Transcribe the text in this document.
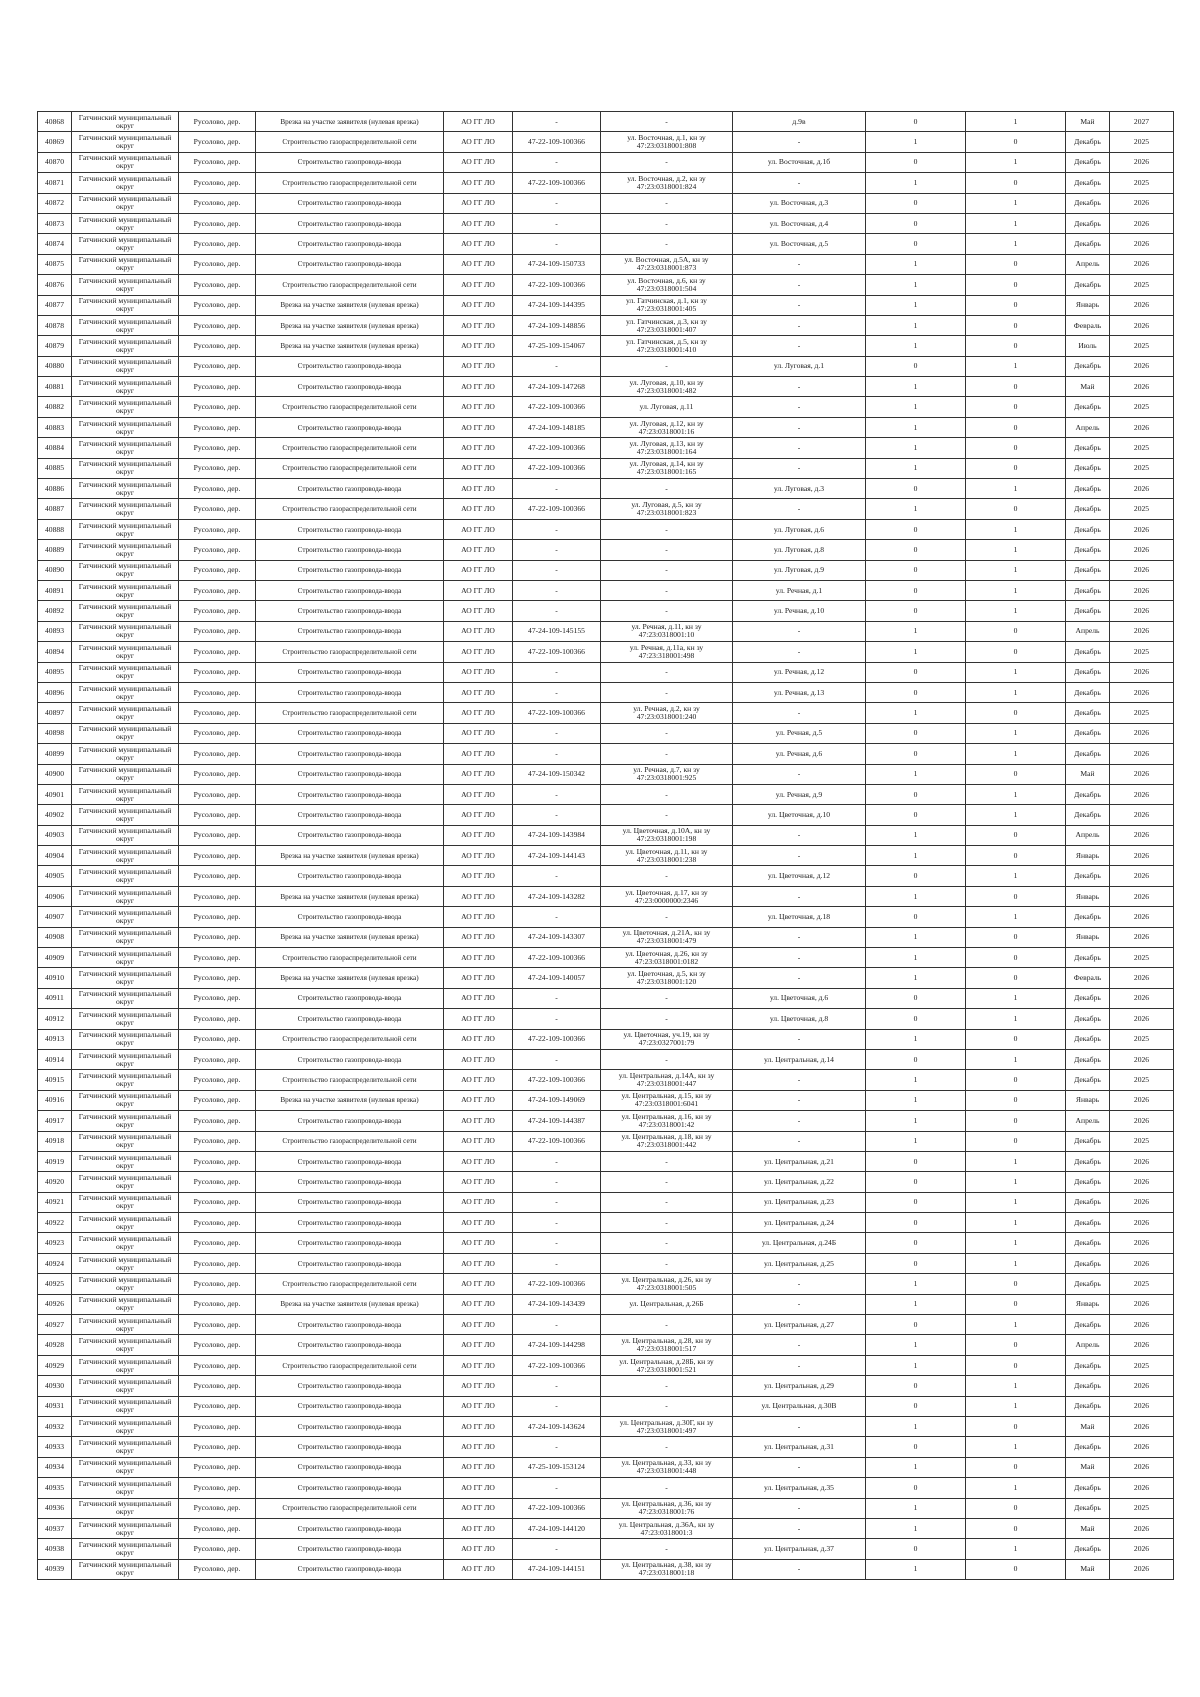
40868	Гатчинский муниципальный округ	Русолово, дер.	Врезка на участке заявителя (нулевая врезка)	АО ГГ ЛО	-	-	д.9в	0	1	Май	2027
40869	Гатчинский муниципальный округ	Русолово, дер.	Строительство газораспределительной сети	АО ГГ ЛО	47-22-109-100366	ул. Восточная, д.1, кн зу 47:23:0318001:808	-	1	0	Декабрь	2025
40870	Гатчинский муниципальный округ	Русолово, дер.	Строительство газопровода-ввода	АО ГГ ЛО	-	-	ул. Восточная, д.1б	0	1	Декабрь	2026
40871	Гатчинский муниципальный округ	Русолово, дер.	Строительство газораспределительной сети	АО ГГ ЛО	47-22-109-100366	ул. Восточная, д.2, кн зу 47:23:0318001:824	-	1	0	Декабрь	2025
40872	Гатчинский муниципальный округ	Русолово, дер.	Строительство газопровода-ввода	АО ГГ ЛО	-	-	ул. Восточная, д.3	0	1	Декабрь	2026
40873	Гатчинский муниципальный округ	Русолово, дер.	Строительство газопровода-ввода	АО ГГ ЛО	-	-	ул. Восточная, д.4	0	1	Декабрь	2026
40874	Гатчинский муниципальный округ	Русолово, дер.	Строительство газопровода-ввода	АО ГГ ЛО	-	-	ул. Восточная, д.5	0	1	Декабрь	2026
40875	Гатчинский муниципальный округ	Русолово, дер.	Строительство газопровода-ввода	АО ГГ ЛО	47-24-109-150733	ул. Восточная, д.5А, кн зу 47:23:0318001:873	-	1	0	Апрель	2026
40876	Гатчинский муниципальный округ	Русолово, дер.	Строительство газораспределительной сети	АО ГГ ЛО	47-22-109-100366	ул. Восточная, д.6, кн зу 47:23:0318001:504	-	1	0	Декабрь	2025
40877	Гатчинский муниципальный округ	Русолово, дер.	Врезка на участке заявителя (нулевая врезка)	АО ГГ ЛО	47-24-109-144395	ул. Гатчинская, д.1, кн зу 47:23:0318001:405	-	1	0	Январь	2026
40878	Гатчинский муниципальный округ	Русолово, дер.	Врезка на участке заявителя (нулевая врезка)	АО ГГ ЛО	47-24-109-148856	ул. Гатчинская, д.3, кн зу 47:23:0318001:407	-	1	0	Февраль	2026
40879	Гатчинский муниципальный округ	Русолово, дер.	Врезка на участке заявителя (нулевая врезка)	АО ГГ ЛО	47-25-109-154067	ул. Гатчинская, д.5, кн зу 47:23:0318001:410	-	1	0	Июль	2025
40880	Гатчинский муниципальный округ	Русолово, дер.	Строительство газопровода-ввода	АО ГГ ЛО	-	-	ул. Луговая, д.1	0	1	Декабрь	2026
40881	Гатчинский муниципальный округ	Русолово, дер.	Строительство газопровода-ввода	АО ГГ ЛО	47-24-109-147268	ул. Луговая, д.10, кн зу 47:23:0318001:482	-	1	0	Май	2026
40882	Гатчинский муниципальный округ	Русолово, дер.	Строительство газораспределительной сети	АО ГГ ЛО	47-22-109-100366	ул. Луговая, д.11	-	1	0	Декабрь	2025
40883	Гатчинский муниципальный округ	Русолово, дер.	Строительство газопровода-ввода	АО ГГ ЛО	47-24-109-148185	ул. Луговая, д.12, кн зу 47:23:0318001:16	-	1	0	Апрель	2026
40884	Гатчинский муниципальный округ	Русолово, дер.	Строительство газораспределительной сети	АО ГГ ЛО	47-22-109-100366	ул. Луговая, д.13, кн зу 47:23:0318001:164	-	1	0	Декабрь	2025
40885	Гатчинский муниципальный округ	Русолово, дер.	Строительство газораспределительной сети	АО ГГ ЛО	47-22-109-100366	ул. Луговая, д.14, кн зу 47:23:0318001:165	-	1	0	Декабрь	2025
40886	Гатчинский муниципальный округ	Русолово, дер.	Строительство газопровода-ввода	АО ГГ ЛО	-	-	ул. Луговая, д.3	0	1	Декабрь	2026
40887	Гатчинский муниципальный округ	Русолово, дер.	Строительство газораспределительной сети	АО ГГ ЛО	47-22-109-100366	ул. Луговая, д.5, кн зу 47:23:0318001:823	-	1	0	Декабрь	2025
40888	Гатчинский муниципальный округ	Русолово, дер.	Строительство газопровода-ввода	АО ГГ ЛО	-	-	ул. Луговая, д.6	0	1	Декабрь	2026
40889	Гатчинский муниципальный округ	Русолово, дер.	Строительство газопровода-ввода	АО ГГ ЛО	-	-	ул. Луговая, д.8	0	1	Декабрь	2026
40890	Гатчинский муниципальный округ	Русолово, дер.	Строительство газопровода-ввода	АО ГГ ЛО	-	-	ул. Луговая, д.9	0	1	Декабрь	2026
40891	Гатчинский муниципальный округ	Русолово, дер.	Строительство газопровода-ввода	АО ГГ ЛО	-	-	ул. Речная, д.1	0	1	Декабрь	2026
40892	Гатчинский муниципальный округ	Русолово, дер.	Строительство газопровода-ввода	АО ГГ ЛО	-	-	ул. Речная, д.10	0	1	Декабрь	2026
40893	Гатчинский муниципальный округ	Русолово, дер.	Строительство газопровода-ввода	АО ГГ ЛО	47-24-109-145155	ул. Речная, д.11, кн зу 47:23:0318001:10	-	1	0	Апрель	2026
40894	Гатчинский муниципальный округ	Русолово, дер.	Строительство газораспределительной сети	АО ГГ ЛО	47-22-109-100366	ул. Речная, д.11а, кн зу 47:23:318001:498	-	1	0	Декабрь	2025
40895	Гатчинский муниципальный округ	Русолово, дер.	Строительство газопровода-ввода	АО ГГ ЛО	-	-	ул. Речная, д.12	0	1	Декабрь	2026
40896	Гатчинский муниципальный округ	Русолово, дер.	Строительство газопровода-ввода	АО ГГ ЛО	-	-	ул. Речная, д.13	0	1	Декабрь	2026
40897	Гатчинский муниципальный округ	Русолово, дер.	Строительство газораспределительной сети	АО ГГ ЛО	47-22-109-100366	ул. Речная, д.2, кн зу 47:23:0318001:240	-	1	0	Декабрь	2025
40898	Гатчинский муниципальный округ	Русолово, дер.	Строительство газопровода-ввода	АО ГГ ЛО	-	-	ул. Речная, д.5	0	1	Декабрь	2026
40899	Гатчинский муниципальный округ	Русолово, дер.	Строительство газопровода-ввода	АО ГГ ЛО	-	-	ул. Речная, д.6	0	1	Декабрь	2026
40900	Гатчинский муниципальный округ	Русолово, дер.	Строительство газопровода-ввода	АО ГГ ЛО	47-24-109-150342	ул. Речная, д.7, кн зу 47:23:0318001:925	-	1	0	Май	2026
40901	Гатчинский муниципальный округ	Русолово, дер.	Строительство газопровода-ввода	АО ГГ ЛО	-	-	ул. Речная, д.9	0	1	Декабрь	2026
40902	Гатчинский муниципальный округ	Русолово, дер.	Строительство газопровода-ввода	АО ГГ ЛО	-	-	ул. Цветочная, д.10	0	1	Декабрь	2026
40903	Гатчинский муниципальный округ	Русолово, дер.	Строительство газопровода-ввода	АО ГГ ЛО	47-24-109-143984	ул. Цветочная, д.10А, кн зу 47:23:0318001:198	-	1	0	Апрель	2026
40904	Гатчинский муниципальный округ	Русолово, дер.	Врезка на участке заявителя (нулевая врезка)	АО ГГ ЛО	47-24-109-144143	ул. Цветочная, д.11, кн зу 47:23:0318001:238	-	1	0	Январь	2026
40905	Гатчинский муниципальный округ	Русолово, дер.	Строительство газопровода-ввода	АО ГГ ЛО	-	-	ул. Цветочная, д.12	0	1	Декабрь	2026
40906	Гатчинский муниципальный округ	Русолово, дер.	Врезка на участке заявителя (нулевая врезка)	АО ГГ ЛО	47-24-109-143282	ул. Цветочная, д.17, кн зу 47:23:0000000:2346	-	1	0	Январь	2026
40907	Гатчинский муниципальный округ	Русолово, дер.	Строительство газопровода-ввода	АО ГГ ЛО	-	-	ул. Цветочная, д.18	0	1	Декабрь	2026
40908	Гатчинский муниципальный округ	Русолово, дер.	Врезка на участке заявителя (нулевая врезка)	АО ГГ ЛО	47-24-109-143307	ул. Цветочная, д.21А, кн зу 47:23:0318001:479	-	1	0	Январь	2026
40909	Гатчинский муниципальный округ	Русолово, дер.	Строительство газораспределительной сети	АО ГГ ЛО	47-22-109-100366	ул. Цветочная, д.26, кн зу 47:23:0318001:0182	-	1	0	Декабрь	2025
40910	Гатчинский муниципальный округ	Русолово, дер.	Врезка на участке заявителя (нулевая врезка)	АО ГГ ЛО	47-24-109-140057	ул. Цветочная, д.5, кн зу 47:23:0318001:120	-	1	0	Февраль	2026
40911	Гатчинский муниципальный округ	Русолово, дер.	Строительство газопровода-ввода	АО ГГ ЛО	-	-	ул. Цветочная, д.6	0	1	Декабрь	2026
40912	Гатчинский муниципальный округ	Русолово, дер.	Строительство газопровода-ввода	АО ГГ ЛО	-	-	ул. Цветочная, д.8	0	1	Декабрь	2026
40913	Гатчинский муниципальный округ	Русолово, дер.	Строительство газораспределительной сети	АО ГГ ЛО	47-22-109-100366	ул. Цветочная, уч.19, кн зу 47:23:0327001:79	-	1	0	Декабрь	2025
40914	Гатчинский муниципальный округ	Русолово, дер.	Строительство газопровода-ввода	АО ГГ ЛО	-	-	ул. Центральная, д.14	0	1	Декабрь	2026
40915	Гатчинский муниципальный округ	Русолово, дер.	Строительство газораспределительной сети	АО ГГ ЛО	47-22-109-100366	ул. Центральная, д.14А, кн зу 47:23:0318001:447	-	1	0	Декабрь	2025
40916	Гатчинский муниципальный округ	Русолово, дер.	Врезка на участке заявителя (нулевая врезка)	АО ГГ ЛО	47-24-109-149069	ул. Центральная, д.15, кн зу 47:23:0318001:6041	-	1	0	Январь	2026
40917	Гатчинский муниципальный округ	Русолово, дер.	Строительство газопровода-ввода	АО ГГ ЛО	47-24-109-144387	ул. Центральная, д.16, кн зу 47:23:0318001:42	-	1	0	Апрель	2026
40918	Гатчинский муниципальный округ	Русолово, дер.	Строительство газораспределительной сети	АО ГГ ЛО	47-22-109-100366	ул. Центральная, д.18, кн зу 47:23:0318001:442	-	1	0	Декабрь	2025
40919	Гатчинский муниципальный округ	Русолово, дер.	Строительство газопровода-ввода	АО ГГ ЛО	-	-	ул. Центральная, д.21	0	1	Декабрь	2026
40920	Гатчинский муниципальный округ	Русолово, дер.	Строительство газопровода-ввода	АО ГГ ЛО	-	-	ул. Центральная, д.22	0	1	Декабрь	2026
40921	Гатчинский муниципальный округ	Русолово, дер.	Строительство газопровода-ввода	АО ГГ ЛО	-	-	ул. Центральная, д.23	0	1	Декабрь	2026
40922	Гатчинский муниципальный округ	Русолово, дер.	Строительство газопровода-ввода	АО ГГ ЛО	-	-	ул. Центральная, д.24	0	1	Декабрь	2026
40923	Гатчинский муниципальный округ	Русолово, дер.	Строительство газопровода-ввода	АО ГГ ЛО	-	-	ул. Центральная, д.24Б	0	1	Декабрь	2026
40924	Гатчинский муниципальный округ	Русолово, дер.	Строительство газопровода-ввода	АО ГГ ЛО	-	-	ул. Центральная, д.25	0	1	Декабрь	2026
40925	Гатчинский муниципальный округ	Русолово, дер.	Строительство газораспределительной сети	АО ГГ ЛО	47-22-109-100366	ул. Центральная, д.26, кн зу 47:23:0318001:505	-	1	0	Декабрь	2025
40926	Гатчинский муниципальный округ	Русолово, дер.	Врезка на участке заявителя (нулевая врезка)	АО ГГ ЛО	47-24-109-143439	ул. Центральная, д.26Б	-	1	0	Январь	2026
40927	Гатчинский муниципальный округ	Русолово, дер.	Строительство газопровода-ввода	АО ГГ ЛО	-	-	ул. Центральная, д.27	0	1	Декабрь	2026
40928	Гатчинский муниципальный округ	Русолово, дер.	Строительство газопровода-ввода	АО ГГ ЛО	47-24-109-144298	ул. Центральная, д.28, кн зу 47:23:0318001:517	-	1	0	Апрель	2026
40929	Гатчинский муниципальный округ	Русолово, дер.	Строительство газораспределительной сети	АО ГГ ЛО	47-22-109-100366	ул. Центральная, д.28Б, кн зу 47:23:0318001:521	-	1	0	Декабрь	2025
40930	Гатчинский муниципальный округ	Русолово, дер.	Строительство газопровода-ввода	АО ГГ ЛО	-	-	ул. Центральная, д.29	0	1	Декабрь	2026
40931	Гатчинский муниципальный округ	Русолово, дер.	Строительство газопровода-ввода	АО ГГ ЛО	-	-	ул. Центральная, д.30В	0	1	Декабрь	2026
40932	Гатчинский муниципальный округ	Русолово, дер.	Строительство газопровода-ввода	АО ГГ ЛО	47-24-109-143624	ул. Центральная, д.30Г, кн зу 47:23:0318001:497	-	1	0	Май	2026
40933	Гатчинский муниципальный округ	Русолово, дер.	Строительство газопровода-ввода	АО ГГ ЛО	-	-	ул. Центральная, д.31	0	1	Декабрь	2026
40934	Гатчинский муниципальный округ	Русолово, дер.	Строительство газопровода-ввода	АО ГГ ЛО	47-25-109-153124	ул. Центральная, д.33, кн зу 47:23:0318001:448	-	1	0	Май	2026
40935	Гатчинский муниципальный округ	Русолово, дер.	Строительство газопровода-ввода	АО ГГ ЛО	-	-	ул. Центральная, д.35	0	1	Декабрь	2026
40936	Гатчинский муниципальный округ	Русолово, дер.	Строительство газораспределительной сети	АО ГГ ЛО	47-22-109-100366	ул. Центральная, д.36, кн зу 47:23:0318001:76	-	1	0	Декабрь	2025
40937	Гатчинский муниципальный округ	Русолово, дер.	Строительство газопровода-ввода	АО ГГ ЛО	47-24-109-144120	ул. Центральная, д.36А, кн зу 47:23:0318001:3	-	1	0	Май	2026
40938	Гатчинский муниципальный округ	Русолово, дер.	Строительство газопровода-ввода	АО ГГ ЛО	-	-	ул. Центральная, д.37	0	1	Декабрь	2026
40939	Гатчинский муниципальный округ	Русолово, дер.	Строительство газопровода-ввода	АО ГГ ЛО	47-24-109-144151	ул. Центральная, д.38, кн зу 47:23:0318001:18	-	1	0	Май	2026
